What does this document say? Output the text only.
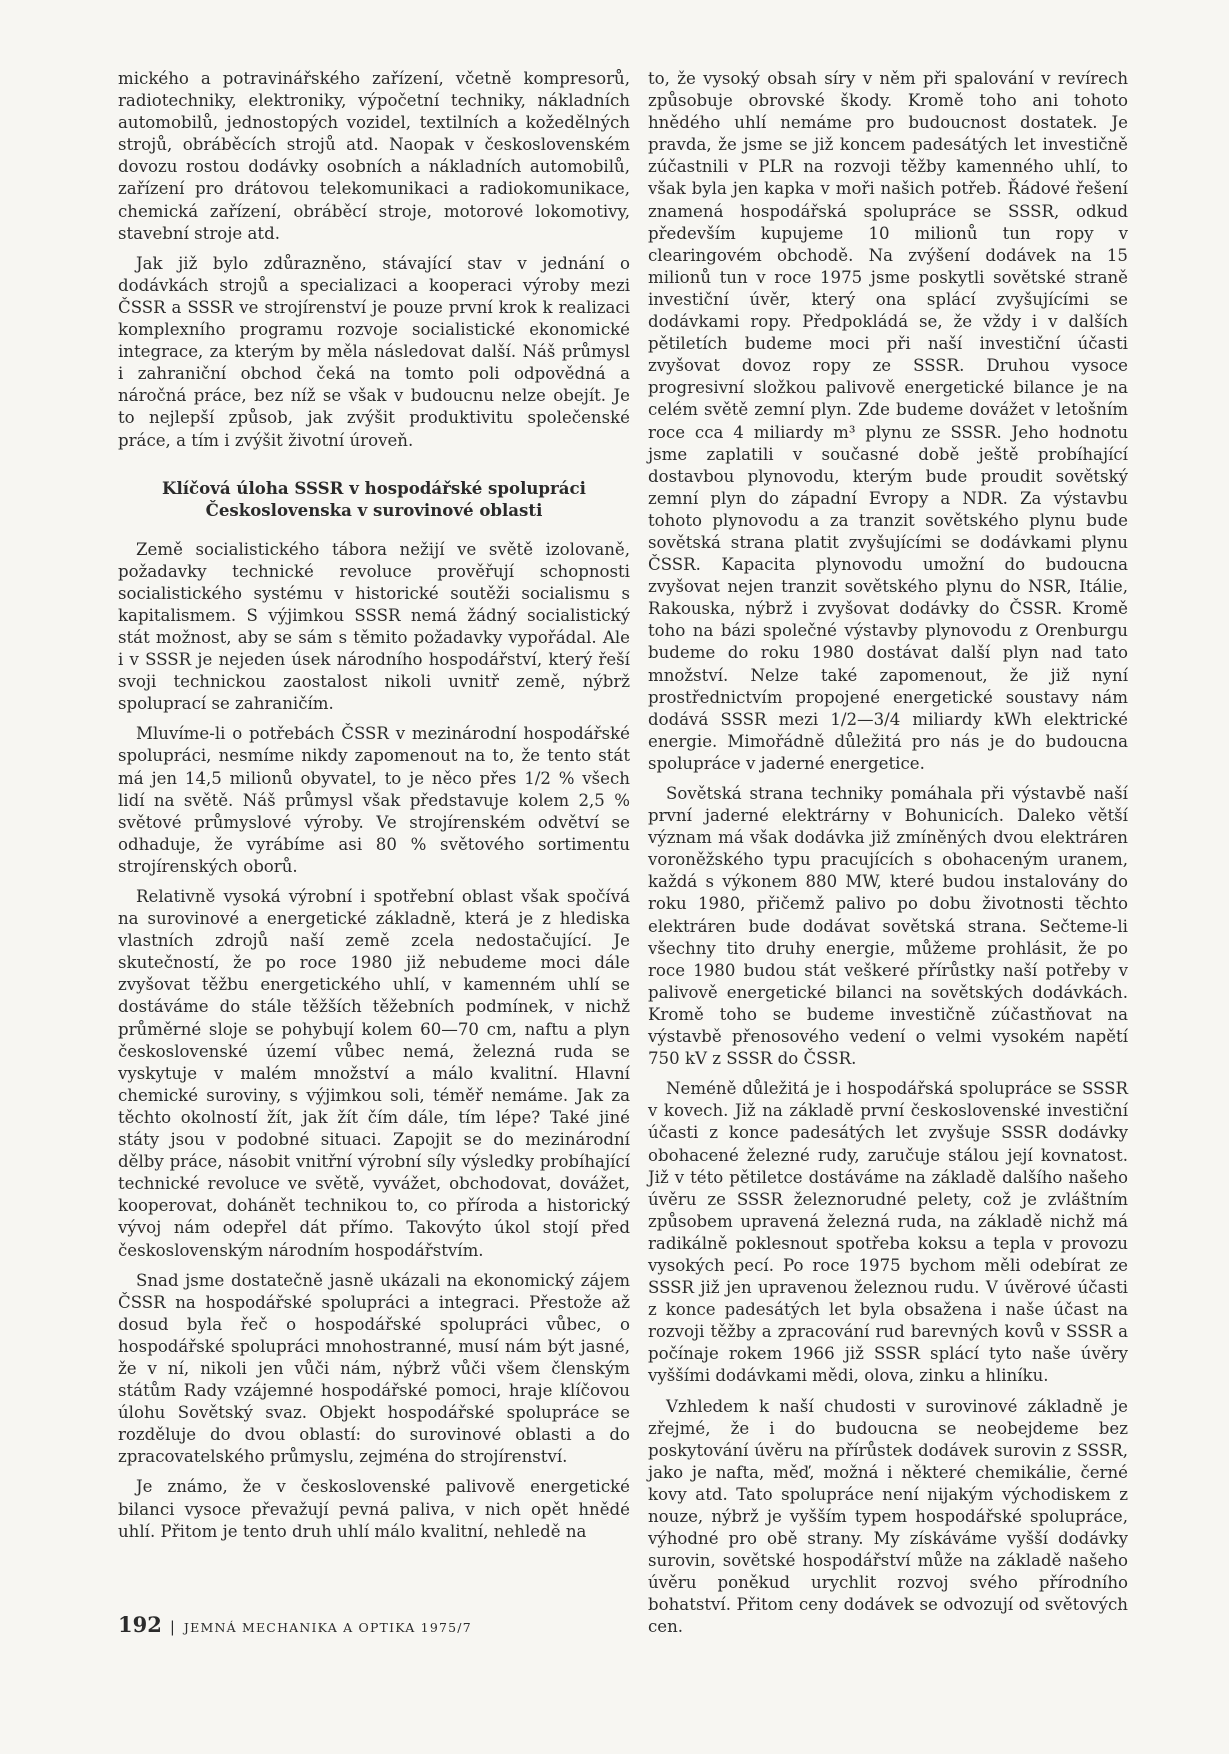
mického a potravinářského zařízení, včetně kompresorů, radiotechniky, elektroniky, výpočetní techniky, nákladních automobilů, jednostopých vozidel, textilních a kožedělných strojů, obráběcích strojů atd. Naopak v československém dovozu rostou dodávky osobních a nákladních automobilů, zařízení pro drátovou telekomunikaci a radiokomunikace, chemická zařízení, obráběcí stroje, motorové lokomotivy, stavební stroje atd.

Jak již bylo zdůrazněno, stávající stav v jednání o dodávkách strojů a specializaci a kooperaci výroby mezi ČSSR a SSSR ve strojírenství je pouze první krok k realizaci komplexního programu rozvoje socialistické ekonomické integrace, za kterým by měla následovat další. Náš průmysl i zahraniční obchod čeká na tomto poli odpovědná a náročná práce, bez níž se však v budoucnu nelze obejít. Je to nejlepší způsob, jak zvýšit produktivitu společenské práce, a tím i zvýšit životní úroveň.

Klíčová úloha SSSR v hospodářské spolupráci
Československa v surovinové oblasti

Země socialistického tábora nežijí ve světě izolovaně, požadavky technické revoluce prověřují schopnosti socialistického systému v historické soutěži socialismu s kapitalismem. S výjimkou SSSR nemá žádný socialistický stát možnost, aby se sám s těmito požadavky vypořádal. Ale i v SSSR je nejeden úsek národního hospodářství, který řeší svoji technickou zaostalost nikoli uvnitř země, nýbrž spoluprací se zahraničím.

Mluvíme-li o potřebách ČSSR v mezinárodní hospodářské spolupráci, nesmíme nikdy zapomenout na to, že tento stát má jen 14,5 milionů obyvatel, to je něco přes 1/2 % všech lidí na světě. Náš průmysl však představuje kolem 2,5 % světové průmyslové výroby. Ve strojírenském odvětví se odhaduje, že vyrábíme asi 80 % světového sortimentu strojírenských oborů.

Relativně vysoká výrobní i spotřební oblast však spočívá na surovinové a energetické základně, která je z hlediska vlastních zdrojů naší země zcela nedostačující. Je skutečností, že po roce 1980 již nebudeme moci dále zvyšovat těžbu energetického uhlí, v kamenném uhlí se dostáváme do stále těžších těžebních podmínek, v nichž průměrné sloje se pohybují kolem 60—70 cm, naftu a plyn československé území vůbec nemá, železná ruda se vyskytuje v malém množství a málo kvalitní. Hlavní chemické suroviny, s výjimkou soli, téměř nemáme. Jak za těchto okolností žít, jak žít čím dále, tím lépe? Také jiné státy jsou v podobné situaci. Zapojit se do mezinárodní dělby práce, násobit vnitřní výrobní síly výsledky probíhající technické revoluce ve světě, vyvážet, obchodovat, dovážet, kooperovat, dohánět technikou to, co příroda a historický vývoj nám odepřel dát přímo. Takovýto úkol stojí před československým národním hospodářstvím.

Snad jsme dostatečně jasně ukázali na ekonomický zájem ČSSR na hospodářské spolupráci a integraci. Přestože až dosud byla řeč o hospodářské spolupráci vůbec, o hospodářské spolupráci mnohostranné, musí nám být jasné, že v ní, nikoli jen vůči nám, nýbrž vůči všem členským státům Rady vzájemné hospodářské pomoci, hraje klíčovou úlohu Sovětský svaz. Objekt hospodářské spolupráce se rozděluje do dvou oblastí: do surovinové oblasti a do zpracovatelského průmyslu, zejména do strojírenství.

Je známo, že v československé palivově energetické bilanci vysoce převažují pevná paliva, v nich opět hnědé uhlí. Přitom je tento druh uhlí málo kvalitní, nehledě na

to, že vysoký obsah síry v něm při spalování v revírech způsobuje obrovské škody. Kromě toho ani tohoto hnědého uhlí nemáme pro budoucnost dostatek. Je pravda, že jsme se již koncem padesátých let investičně zúčastnili v PLR na rozvoji těžby kamenného uhlí, to však byla jen kapka v moři našich potřeb. Řádové řešení znamená hospodářská spolupráce se SSSR, odkud především kupujeme 10 milionů tun ropy v clearingovém obchodě. Na zvýšení dodávek na 15 milionů tun v roce 1975 jsme poskytli sovětské straně investiční úvěr, který ona splácí zvyšujícími se dodávkami ropy. Předpokládá se, že vždy i v dalších pětiletích budeme moci při naší investiční účasti zvyšovat dovoz ropy ze SSSR. Druhou vysoce progresivní složkou palivově energetické bilance je na celém světě zemní plyn. Zde budeme dovážet v letošním roce cca 4 miliardy m³ plynu ze SSSR. Jeho hodnotu jsme zaplatili v současné době ještě probíhající dostavbou plynovodu, kterým bude proudit sovětský zemní plyn do západní Evropy a NDR. Za výstavbu tohoto plynovodu a za tranzit sovětského plynu bude sovětská strana platit zvyšujícími se dodávkami plynu ČSSR. Kapacita plynovodu umožní do budoucna zvyšovat nejen tranzit sovětského plynu do NSR, Itálie, Rakouska, nýbrž i zvyšovat dodávky do ČSSR. Kromě toho na bázi společné výstavby plynovodu z Orenburgu budeme do roku 1980 dostávat další plyn nad tato množství. Nelze také zapomenout, že již nyní prostřednictvím propojené energetické soustavy nám dodává SSSR mezi 1/2—3/4 miliardy kWh elektrické energie. Mimořádně důležitá pro nás je do budoucna spolupráce v jaderné energetice.

Sovětská strana techniky pomáhala při výstavbě naší první jaderné elektrárny v Bohunicích. Daleko větší význam má však dodávka již zmíněných dvou elektráren voroněžského typu pracujících s obohaceným uranem, každá s výkonem 880 MW, které budou instalovány do roku 1980, přičemž palivo po dobu životnosti těchto elektráren bude dodávat sovětská strana. Sečteme-li všechny tito druhy energie, můžeme prohlásit, že po roce 1980 budou stát veškeré přírůstky naší potřeby v palivově energetické bilanci na sovětských dodávkách. Kromě toho se budeme investičně zúčastňovat na výstavbě přenosového vedení o velmi vysokém napětí 750 kV z SSSR do ČSSR.

Neméně důležitá je i hospodářská spolupráce se SSSR v kovech. Již na základě první československé investiční účasti z konce padesátých let zvyšuje SSSR dodávky obohacené železné rudy, zaručuje stálou její kovnatost. Již v této pětiletce dostáváme na základě dalšího našeho úvěru ze SSSR železnorudné pelety, což je zvláštním způsobem upravená železná ruda, na základě nichž má radikálně poklesnout spotřeba koksu a tepla v provozu vysokých pecí. Po roce 1975 bychom měli odebírat ze SSSR již jen upravenou železnou rudu. V úvěrové účasti z konce padesátých let byla obsažena i naše účast na rozvoji těžby a zpracování rud barevných kovů v SSSR a počínaje rokem 1966 již SSSR splácí tyto naše úvěry vyššími dodávkami mědi, olova, zinku a hliníku.

Vzhledem k naší chudosti v surovinové základně je zřejmé, že i do budoucna se neobejdeme bez poskytování úvěru na přírůstek dodávek surovin z SSSR, jako je nafta, měď, možná i některé chemikálie, černé kovy atd. Tato spolupráce není nijakým východiskem z nouze, nýbrž je vyšším typem hospodářské spolupráce, výhodné pro obě strany. My získáváme vyšší dodávky surovin, sovětské hospodářství může na základě našeho úvěru poněkud urychlit rozvoj svého přírodního bohatství. Přitom ceny dodávek se odvozují od světových cen.

192 | JEMNÁ MECHANIKA A OPTIKA 1975/7
